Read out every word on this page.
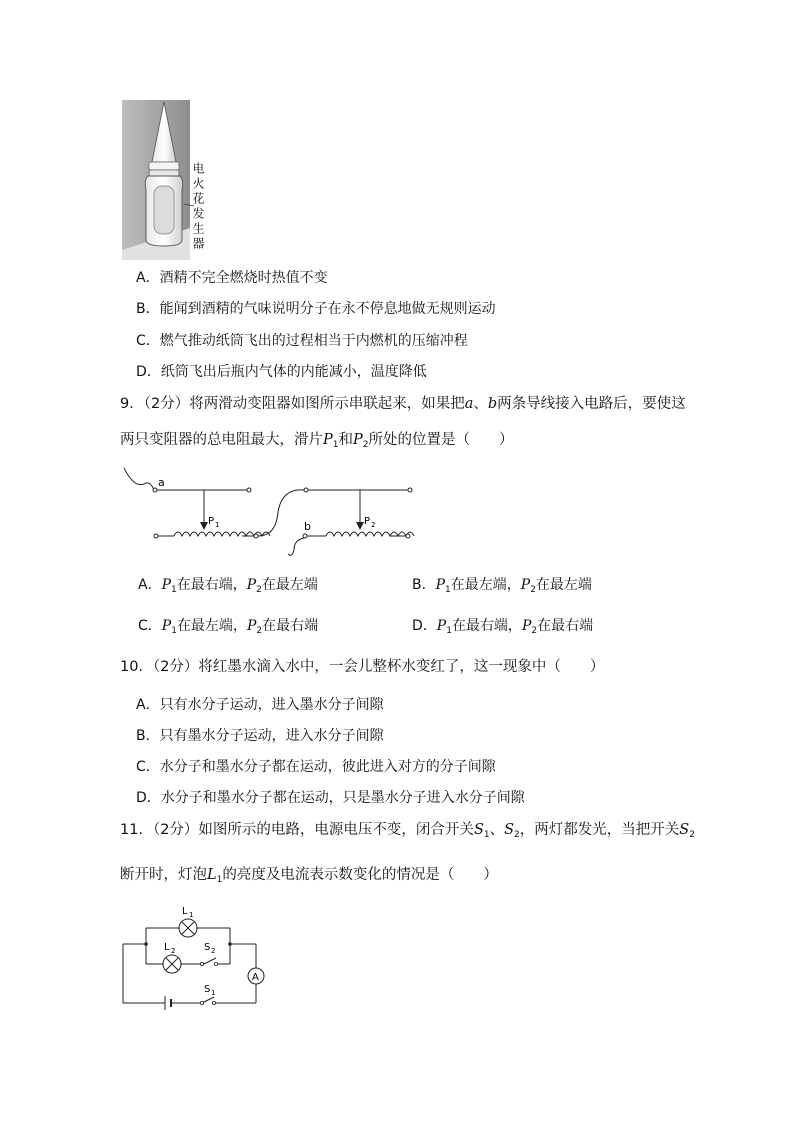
电火花发生器
A．酒精不完全燃烧时热值不变
B．能闻到酒精的气味说明分子在永不停息地做无规则运动
C．燃气推动纸筒飞出的过程相当于内燃机的压缩冲程
D．纸筒飞出后瓶内气体的内能减小，温度降低
9．（2分）将两滑动变阻器如图所示串联起来，如果把a、b两条导线接入电路后，要使这
两只变阻器的总电阻最大，滑片$P_1$和$P_2$所处的位置是（　　）
a
P 1	b	P 2
A．$P_1$在最右端，$P_2$在最左端	B．$P_1$在最左端，$P_2$在最左端
C．$P_1$在最左端，$P_2$在最右端	D．$P_1$在最右端，$P_2$在最右端
10．（2分）将红墨水滴入水中，一会儿整杯水变红了，这一现象中（　　）
A．只有水分子运动，进入墨水分子间隙
B．只有墨水分子运动，进入水分子间隙
C．水分子和墨水分子都在运动，彼此进入对方的分子间隙
D．水分子和墨水分子都在运动，只是墨水分子进入水分子间隙
11．（2分）如图所示的电路，电源电压不变，闭合开关$S_1$、$S_2$，两灯都发光，当把开关$S_2$
断开时，灯泡$L_1$的亮度及电流表示数变化的情况是（　　）
L 1
L 2	S 2
S 1
A
